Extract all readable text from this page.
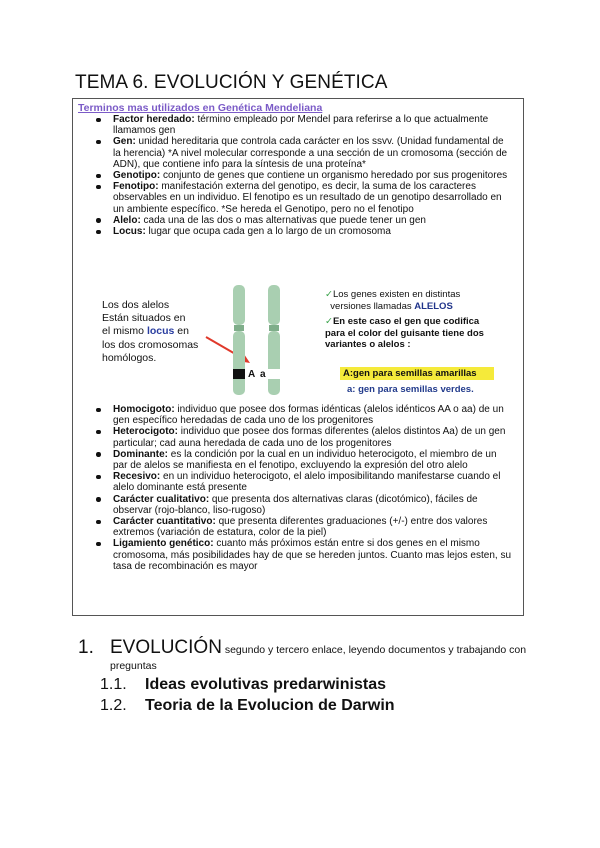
TEMA 6. EVOLUCIÓN Y GENÉTICA
Terminos mas utilizados en Genética Mendeliana
Factor heredado: término empleado por Mendel para referirse a lo que actualmente llamamos gen
Gen: unidad hereditaria que controla cada carácter en los ssvv. (Unidad fundamental de la herencia) *A nivel molecular corresponde a una sección de un cromosoma (sección de ADN), que contiene info para la síntesis de una proteína*
Genotipo: conjunto de genes que contiene un organismo heredado por sus progenitores
Fenotipo: manifestación externa del genotipo, es decir, la suma de los caracteres observables en un individuo. El fenotipo es un resultado de un genotipo desarrollado en un ambiente específico. *Se hereda el Genotipo, pero no el fenotipo
Alelo: cada una de las dos o mas alternativas que puede tener un gen
Locus: lugar que ocupa cada gen a lo largo de un cromosoma
Los dos alelos
Están situados en
el mismo locus en
los dos cromosomas
homólogos.
A a
✓Los genes existen en distintas
versiones llamadas ALELOS
✓En este caso el gen que codifica
para el color del guisante tiene dos
variantes o alelos :
A:gen para semillas amarillas
a: gen para semillas verdes.
Homocigoto: individuo que posee dos formas idénticas (alelos idénticos AA o aa) de un gen específico heredadas de cada uno de los progenitores
Heterocigoto: individuo que posee dos formas diferentes (alelos distintos Aa) de un gen particular; cad auna heredada de cada uno de los progenitores
Dominante: es la condición por la cual en un individuo heterocigoto, el miembro de un par de alelos se manifiesta en el fenotipo, excluyendo la expresión del otro alelo
Recesivo: en un individuo heterocigoto, el alelo imposibilitando manifestarse cuando el alelo dominante está presente
Carácter cualitativo: que presenta dos alternativas claras (dicotómico), fáciles de observar (rojo-blanco, liso-rugoso)
Carácter cuantitativo: que presenta diferentes graduaciones (+/-) entre dos valores extremos (variación de estatura, color de la piel)
Ligamiento genético: cuanto más próximos están entre si dos genes en el mismo cromosoma, más posibilidades hay de que se hereden juntos. Cuanto mas lejos esten, su tasa de recombinación es mayor
1. EVOLUCIÓN segundo y tercero enlace, leyendo documentos y trabajando con
preguntas
1.1. Ideas evolutivas predarwinistas
1.2. Teoria de la Evolucion de Darwin
